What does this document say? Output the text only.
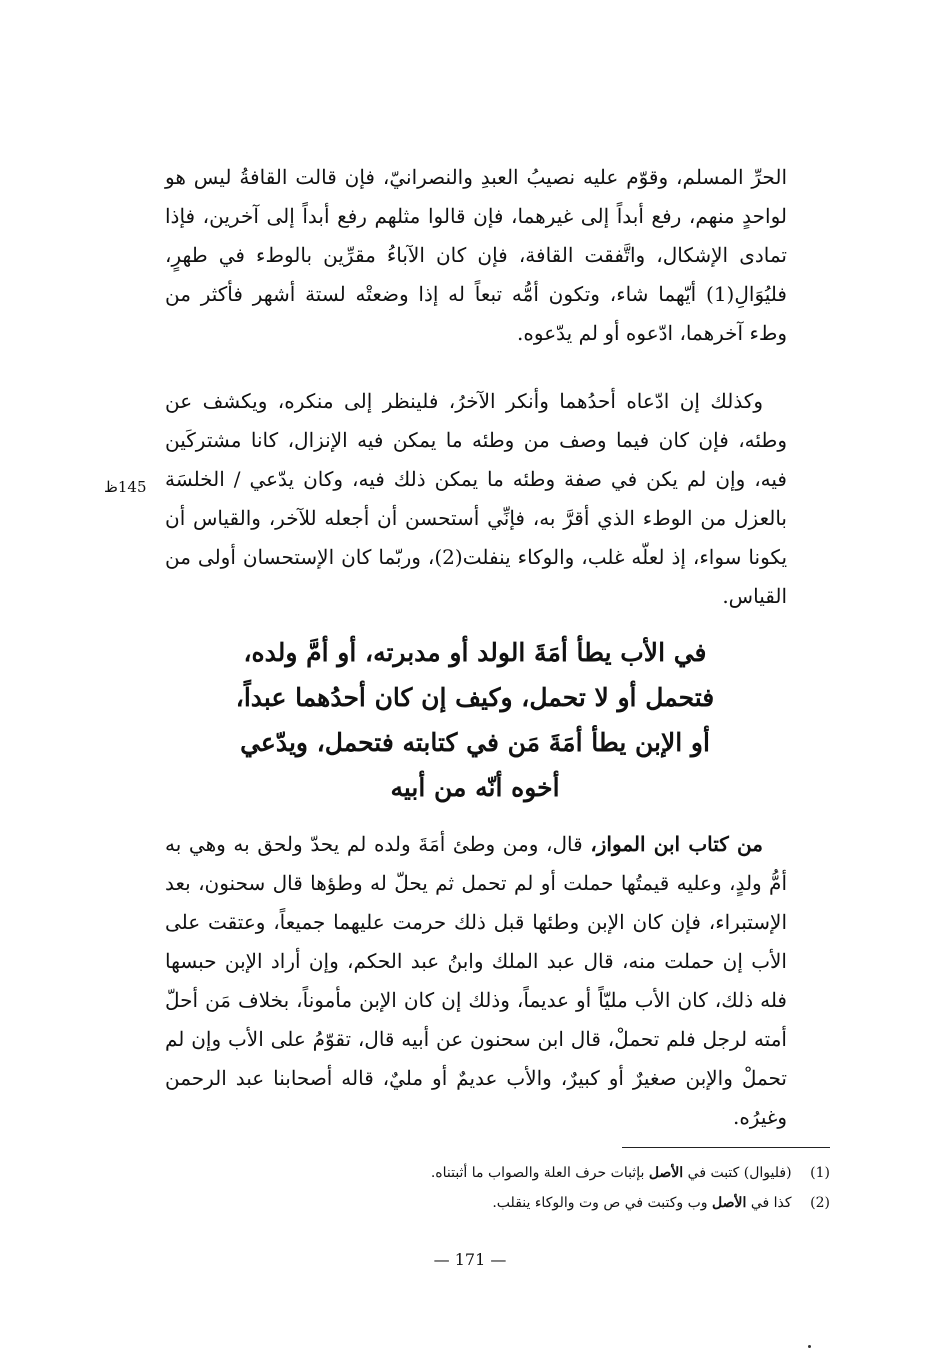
الحرِّ المسلم، وقوّم عليه نصيبُ العبدِ والنصرانيّ، فإن قالت القافةُ ليس هو لواحدٍ منهم، رفع أبداً إلى غيرهما، فإن قالوا مثلهم رفع أبداً إلى آخرين، فإذا تمادى الإشكال، واتَّفقت القافة، فإن كان الآباءُ مقرِّين بالوطء في طهرٍ، فليُوَالِ(1) أيّهما شاء، وتكون أمُّه تبعاً له إذا وضعتْه لستة أشهر فأكثر من وطء آخرهما، ادّعوه أو لم يدّعوه.
وكذلك إن ادّعاه أحدُهما وأنكر الآخرُ، فلينظر إلى منكره، ويكشف عن وطئه، فإن كان فيما وصف من وطئه ما يمكن فيه الإنزال، كانا مشتركَين فيه، وإن لم يكن في صفة وطئه ما يمكن ذلك فيه، وكان يدّعي / الخلسَة بالعزل من الوطء الذي أقرَّ به، فإنِّي أستحسن أن أجعله للآخر، والقياس أن يكونا سواء، إذ لعلّه غلب، والوكاء ينفلت(2)، وربّما كان الإستحسان أولى من القياس.
145ظ
في الأب يطأ أمَةَ الولد أو مدبرته، أو أمَّ ولده،
فتحمل أو لا تحمل، وكيف إن كان أحدُهما عبداً،
أو الإبن يطأ أمَةَ مَن في كتابته فتحمل، ويدّعي
أخوه أنّه من أبيه
من كتاب ابن المواز، قال، ومن وطئ أمَةَ ولده لم يحدّ ولحق به وهي به أمُّ ولدٍ، وعليه قيمتُها حملت أو لم تحمل ثم يحلّ له وطؤها قال سحنون، بعد الإستبراء، فإن كان الإبن وطئها قبل ذلك حرمت عليهما جميعاً، وعتقت على الأب إن حملت منه، قال عبد الملك وابنُ عبد الحكم، وإن أراد الإبن حبسها فله ذلك، كان الأب مليّاً أو عديماً، وذلك إن كان الإبن مأموناً، بخلاف مَن أحلّ أمته لرجل فلم تحملْ، قال ابن سحنون عن أبيه قال، تقوّمُ على الأب وإن لم تحملْ والإبن صغيرٌ أو كبيرٌ، والأب عديمٌ أو مليٌ، قاله أصحابنا عبد الرحمن وغيرُه.
(1) (فليوال) كتبت في الأصل بإثبات حرف العلة والصواب ما أثبتناه.
(2) كذا في الأصل وب وكتبت في ص وت والوكاء ينقلب.
— 171 —
